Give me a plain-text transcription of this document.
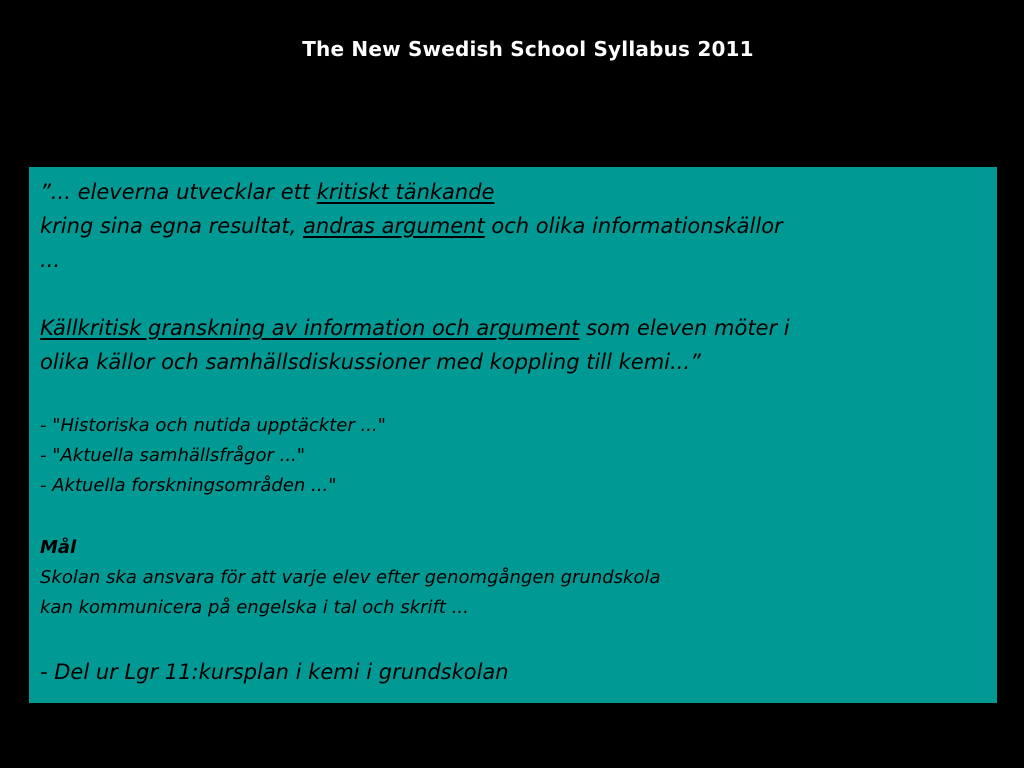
The New Swedish School Syllabus 2011
”... eleverna utvecklar ett kritiskt tänkande
kring sina egna resultat, andras argument och olika informationskällor
...
Källkritisk granskning av information och argument som eleven möter i
olika källor och samhällsdiskussioner med koppling till kemi...”
- "Historiska och nutida upptäckter ..."
- "Aktuella samhällsfrågor ..."
- Aktuella forskningsområden ..."
Mål
Skolan ska ansvara för att varje elev efter genomgången grundskola
kan kommunicera på engelska i tal och skrift ...
- Del ur Lgr 11:kursplan i kemi i grundskolan
